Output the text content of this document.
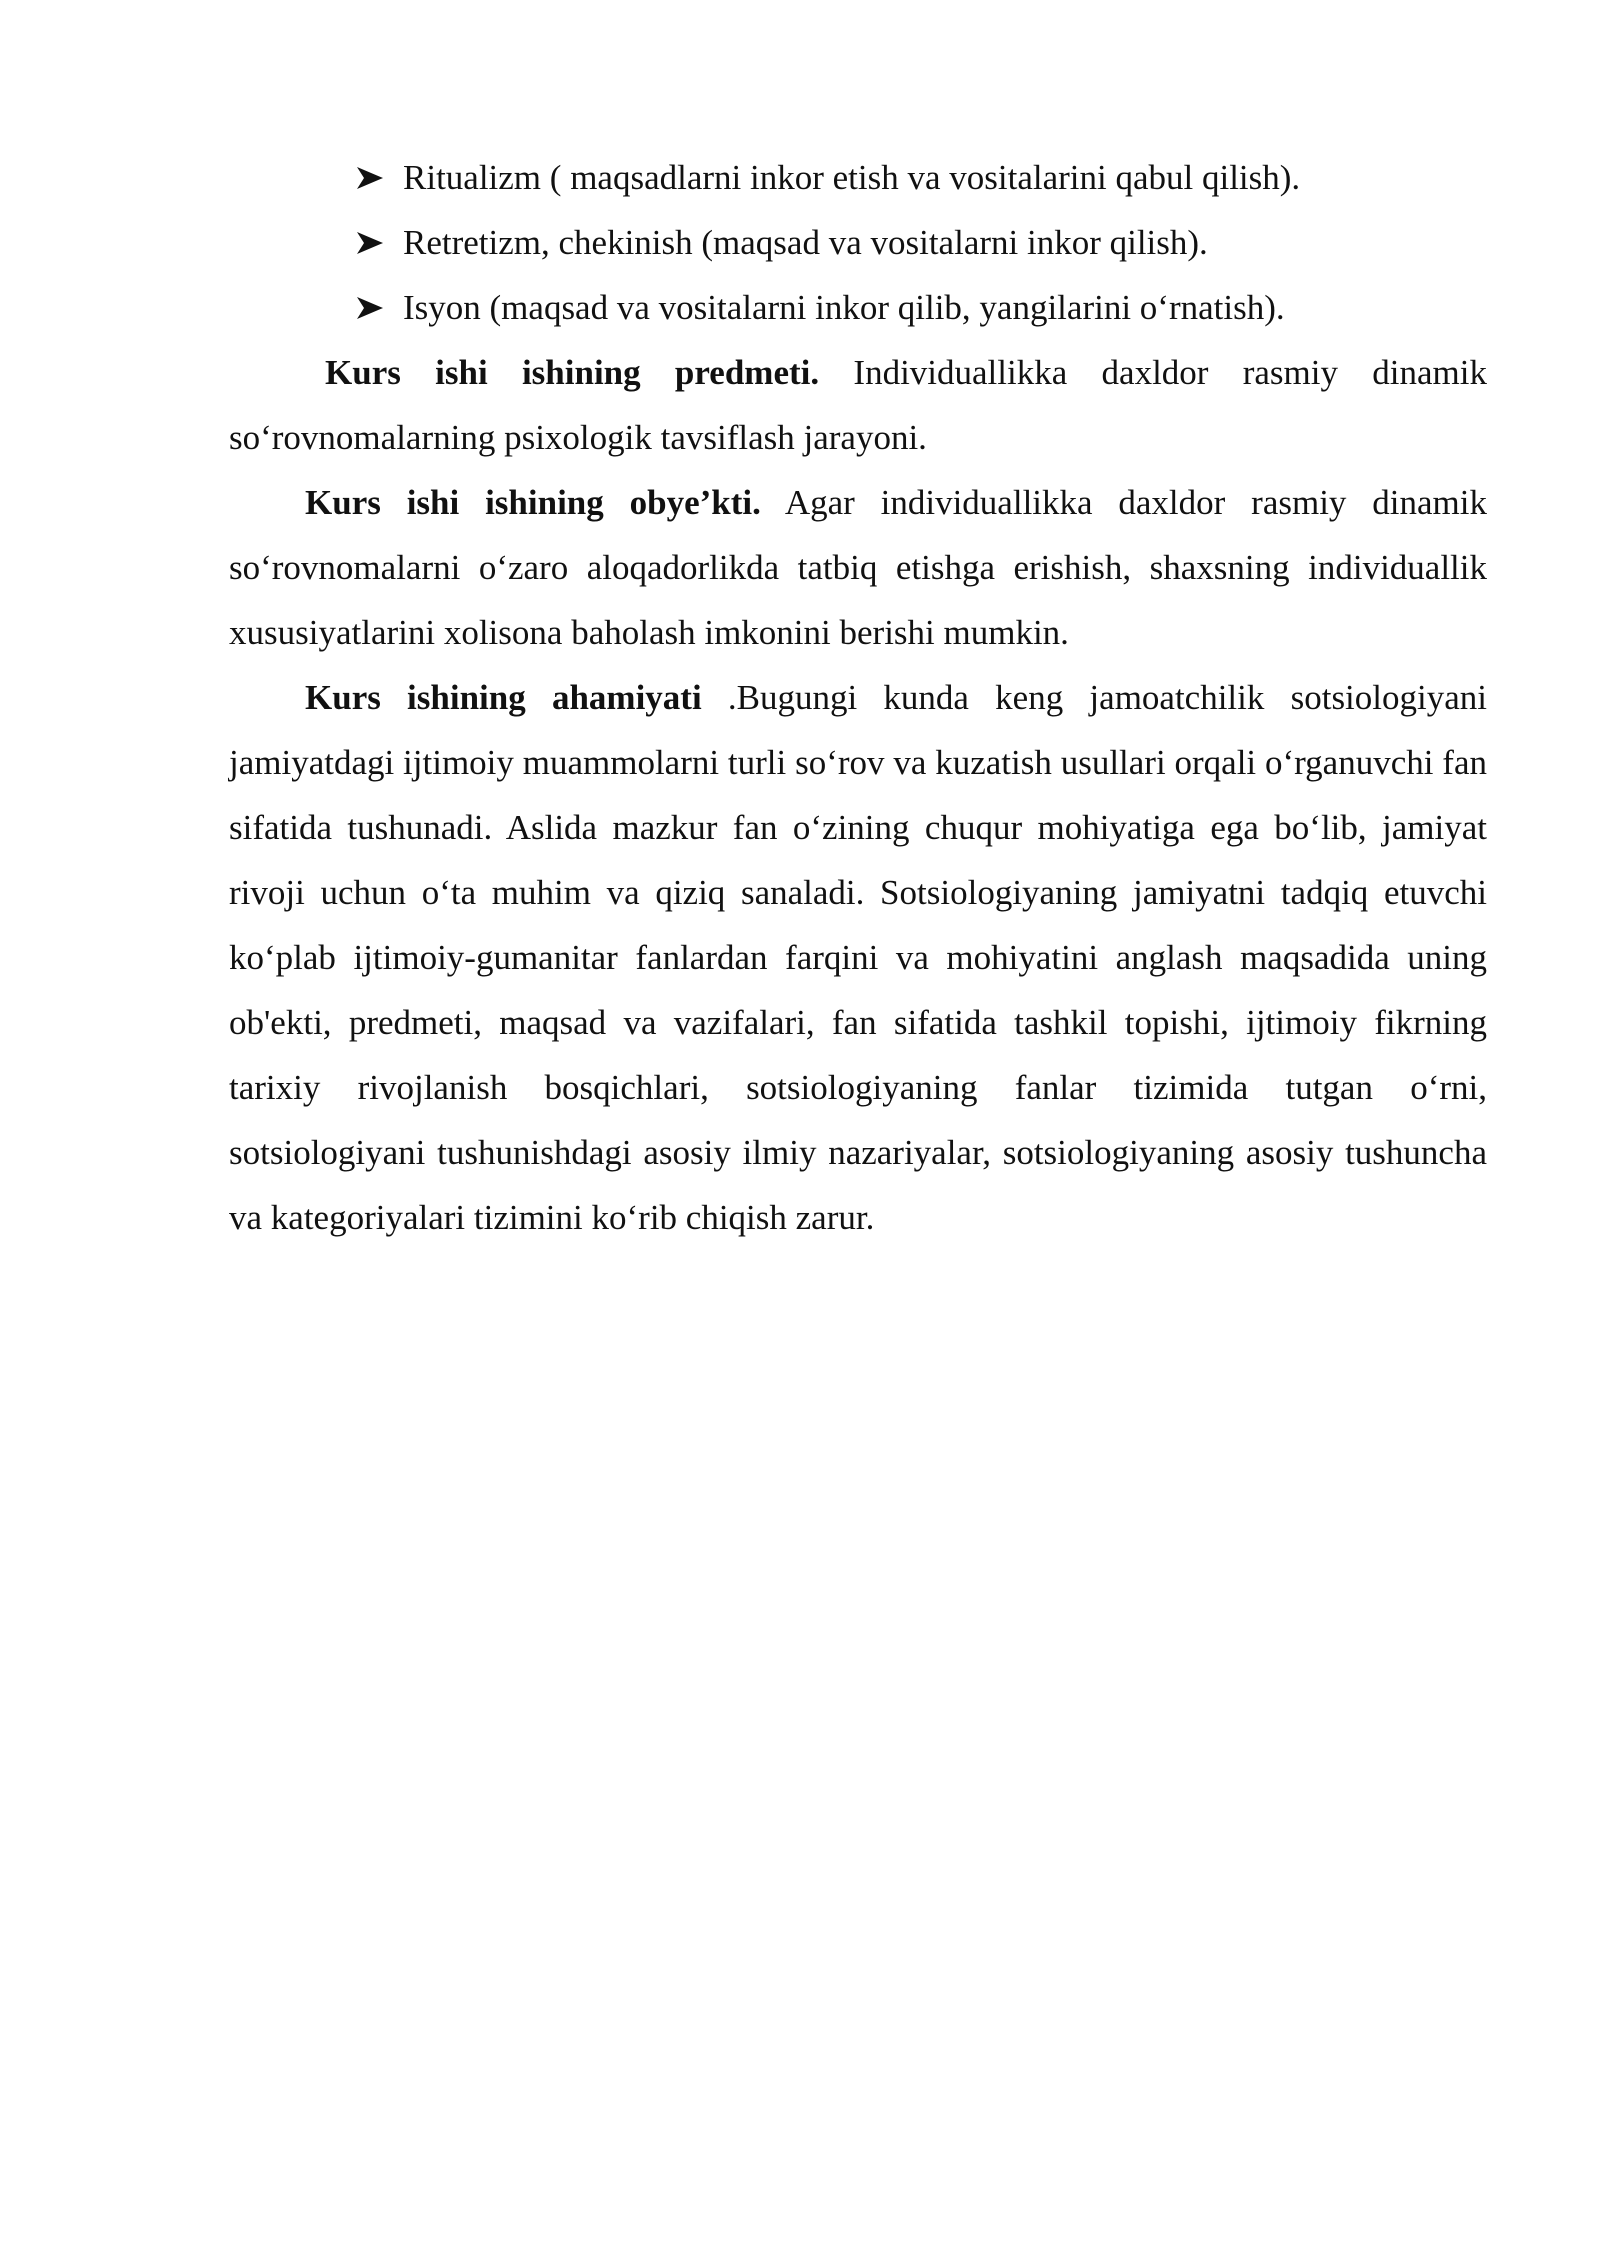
Ritualizm ( maqsadlarni inkor etish va vositalarini qabul qilish).
Retretizm, chekinish (maqsad va vositalarni inkor qilish).
Isyon (maqsad va vositalarni inkor qilib, yangilarini o‘rnatish).

Kurs ishi ishining predmeti. Individuallikka daxldor rasmiy dinamik so‘rovnomalarning psixologik tavsiflash jarayoni.

Kurs ishi ishining obye’kti. Agar individuallikka daxldor rasmiy dinamik so‘rovnomalarni o‘zaro aloqadorlikda tatbiq etishga erishish, shaxsning individuallik xususiyatlarini xolisona baholash imkonini berishi mumkin.

Kurs ishining ahamiyati .Bugungi kunda keng jamoatchilik sotsiologiyani jamiyatdagi ijtimoiy muammolarni turli so‘rov va kuzatish usullari orqali o‘rganuvchi fan sifatida tushunadi. Aslida mazkur fan o‘zining chuqur mohiyatiga ega bo‘lib, jamiyat rivoji uchun o‘ta muhim va qiziq sanaladi. Sotsiologiyaning jamiyatni tadqiq etuvchi ko‘plab ijtimoiy-gumanitar fanlardan farqini va mohiyatini anglash maqsadida uning ob'ekti, predmeti, maqsad va vazifalari, fan sifatida tashkil topishi, ijtimoiy fikrning tarixiy rivojlanish bosqichlari, sotsiologiyaning fanlar tizimida tutgan o‘rni, sotsiologiyani tushunishdagi asosiy ilmiy nazariyalar, sotsiologiyaning asosiy tushuncha va kategoriyalari tizimini ko‘rib chiqish zarur.
